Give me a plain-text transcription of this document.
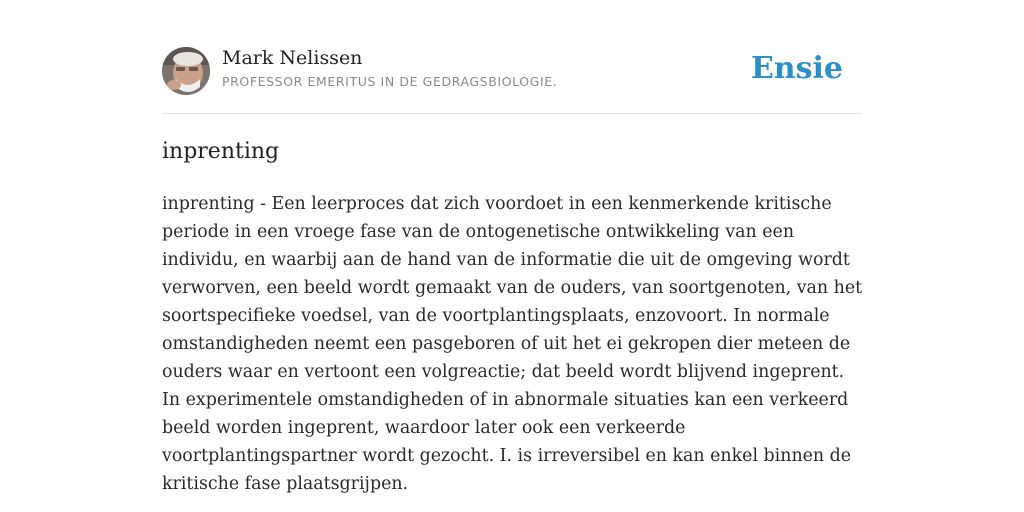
Mark Nelissen
PROFESSOR EMERITUS IN DE GEDRAGSBIOLOGIE.	Ensie
inprenting

inprenting - Een leerproces dat zich voordoet in een kenmerkende kritische periode in een vroege fase van de ontogenetische ontwikkeling van een individu, en waarbij aan de hand van de informatie die uit de omgeving wordt verworven, een beeld wordt gemaakt van de ouders, van soortgenoten, van het soortspecifieke voedsel, van de voortplantingsplaats, enzovoort. In normale omstandigheden neemt een pasgeboren of uit het ei gekropen dier meteen de ouders waar en vertoont een volgreactie; dat beeld wordt blijvend ingeprent. In experimentele omstandigheden of in abnormale situaties kan een verkeerd beeld worden ingeprent, waardoor later ook een verkeerde voortplantingspartner wordt gezocht. I. is irreversibel en kan enkel binnen de kritische fase plaatsgrijpen.
